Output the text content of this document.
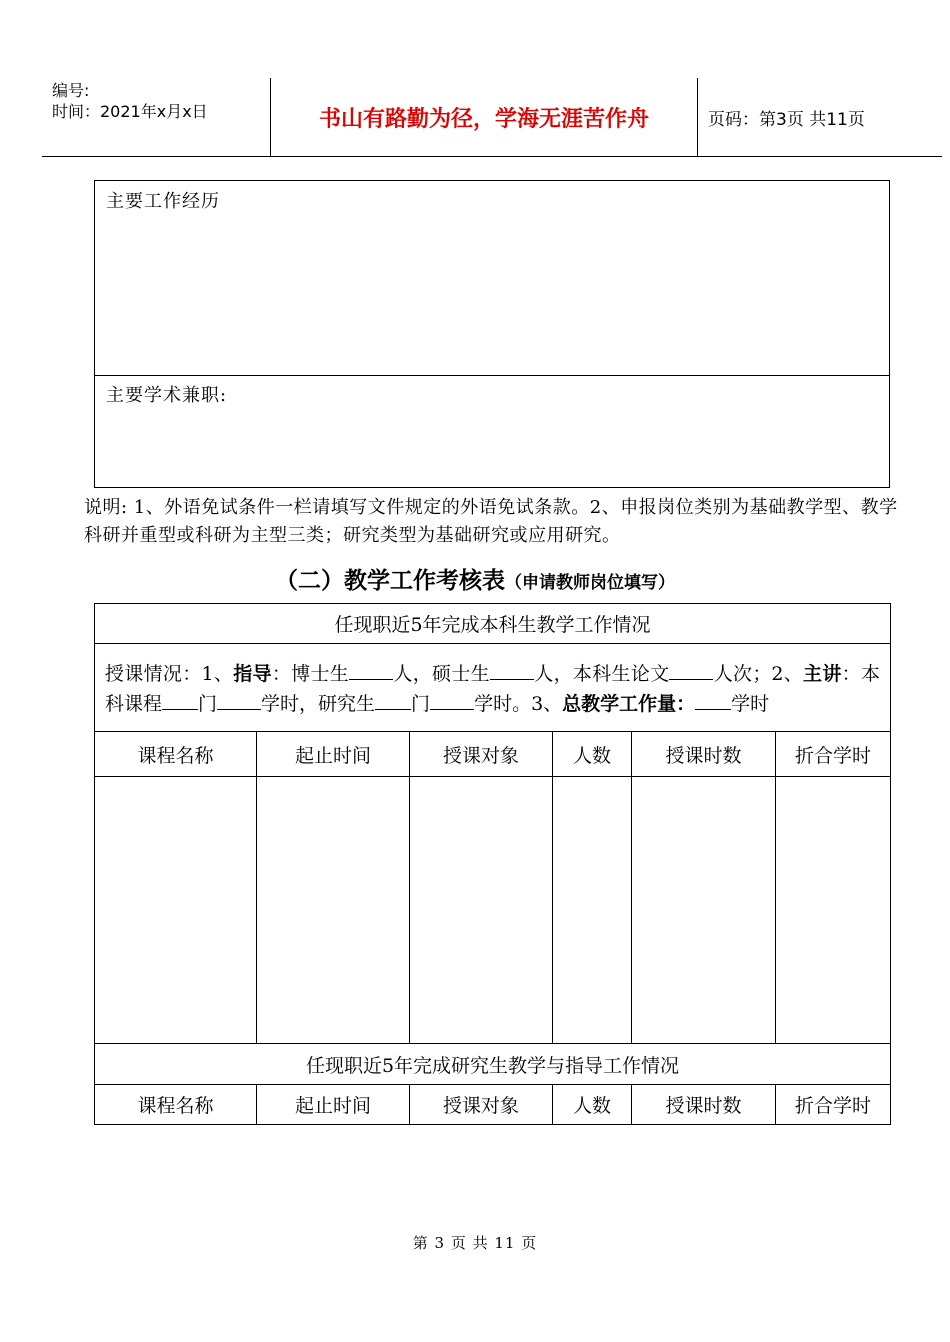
编号:
时间：2021年x月x日	书山有路勤为径，学海无涯苦作舟	页码：第3页 共11页
主要工作经历
主要学术兼职:
说明: 1、外语免试条件一栏请填写文件规定的外语免试条款。2、申报岗位类别为基础教学型、教学科研并重型或科研为主型三类；研究类型为基础研究或应用研究。
（二）教学工作考核表（申请教师岗位填写）
任现职近5年完成本科生教学工作情况					
授课情况：1、指导：博士生 人，硕士生 人，本科生论文 人次；2、主讲：本科课程 门 学时，研究生 门 学时。3、总教学工作量： 学时					
课程名称	起止时间	授课对象	人数	授课时数	折合学时

任现职近5年完成研究生教学与指导工作情况					
课程名称	起止时间	授课对象	人数	授课时数	折合学时
第 3 页 共 11 页
